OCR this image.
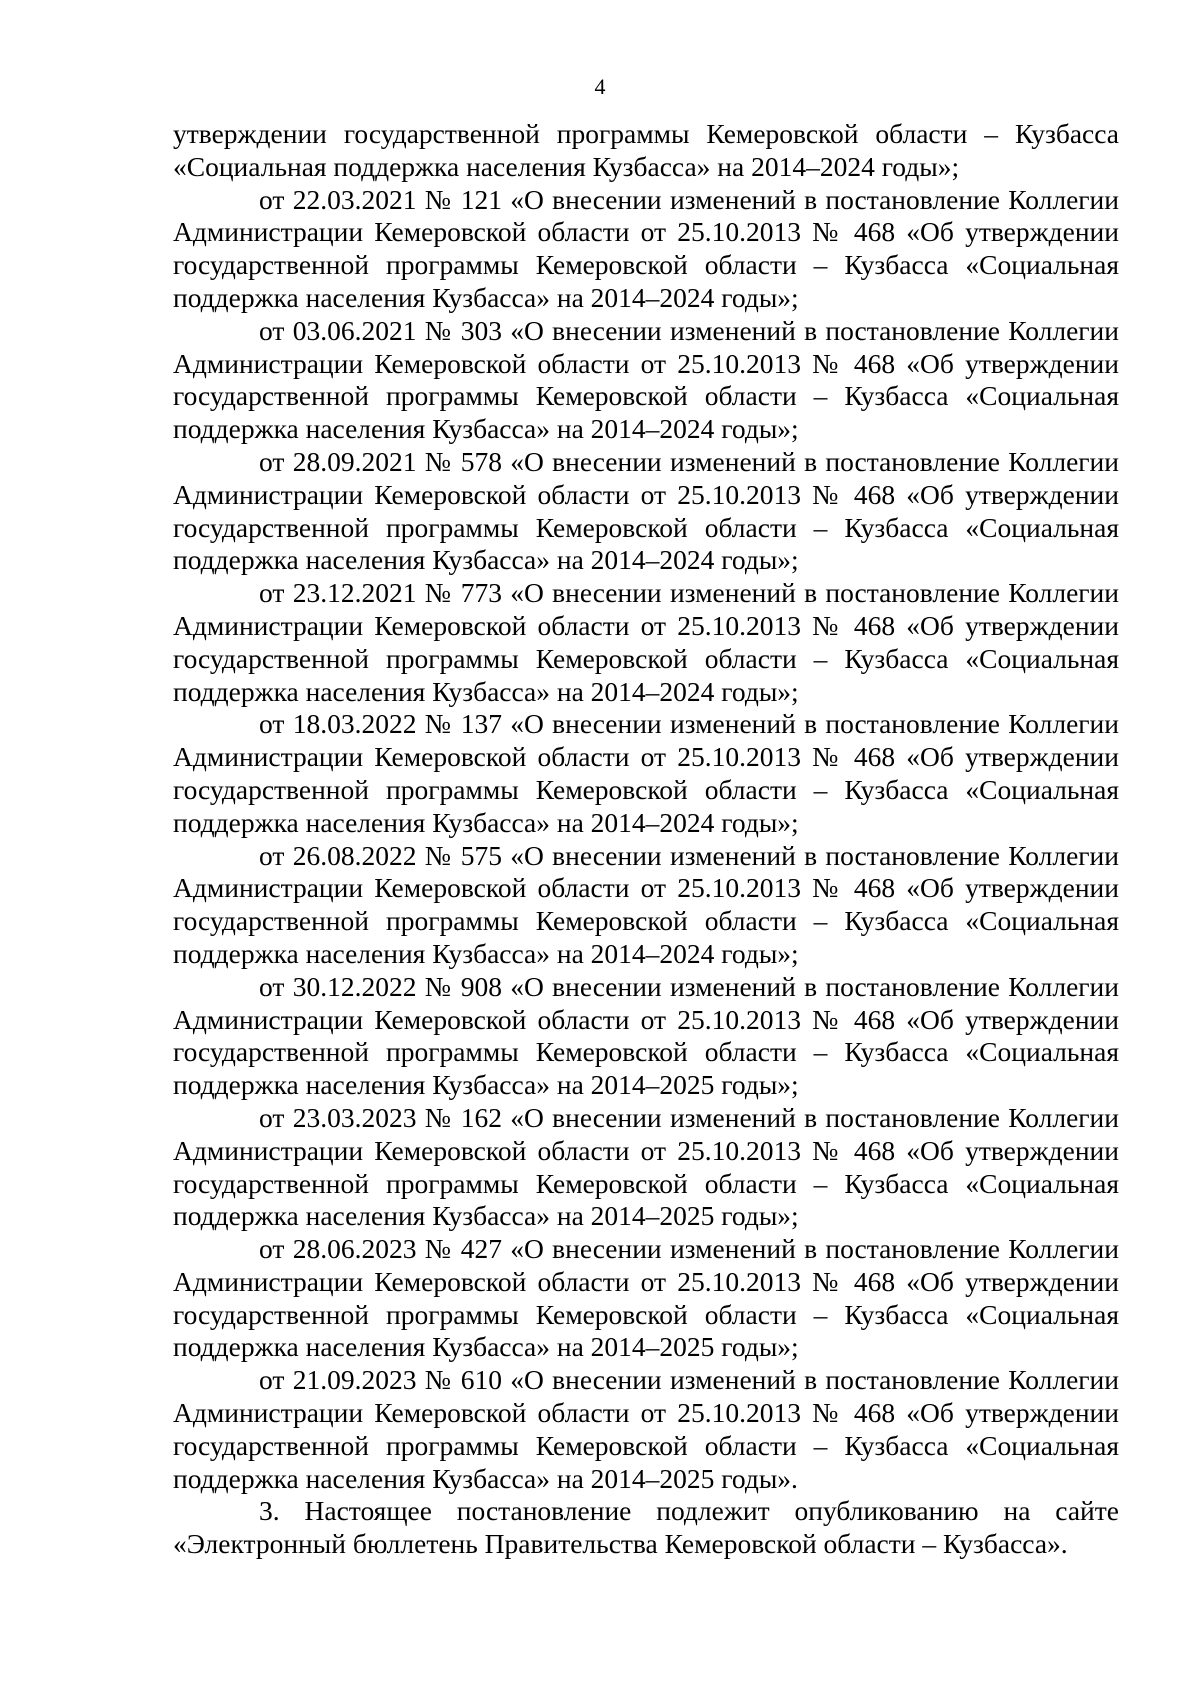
4

утверждении государственной программы Кемеровской области – Кузбасса «Социальная поддержка населения Кузбасса» на 2014–2024 годы»;

от 22.03.2021 № 121 «О внесении изменений в постановление Коллегии Администрации Кемеровской области от 25.10.2013 № 468 «Об утверждении государственной программы Кемеровской области – Кузбасса «Социальная поддержка населения Кузбасса» на 2014–2024 годы»;

от 03.06.2021 № 303 «О внесении изменений в постановление Коллегии Администрации Кемеровской области от 25.10.2013 № 468 «Об утверждении государственной программы Кемеровской области – Кузбасса «Социальная поддержка населения Кузбасса» на 2014–2024 годы»;

от 28.09.2021 № 578 «О внесении изменений в постановление Коллегии Администрации Кемеровской области от 25.10.2013 № 468 «Об утверждении государственной программы Кемеровской области – Кузбасса «Социальная поддержка населения Кузбасса» на 2014–2024 годы»;

от 23.12.2021 № 773 «О внесении изменений в постановление Коллегии Администрации Кемеровской области от 25.10.2013 № 468 «Об утверждении государственной программы Кемеровской области – Кузбасса «Социальная поддержка населения Кузбасса» на 2014–2024 годы»;

от 18.03.2022 № 137 «О внесении изменений в постановление Коллегии Администрации Кемеровской области от 25.10.2013 № 468 «Об утверждении государственной программы Кемеровской области – Кузбасса «Социальная поддержка населения Кузбасса» на 2014–2024 годы»;

от 26.08.2022 № 575 «О внесении изменений в постановление Коллегии Администрации Кемеровской области от 25.10.2013 № 468 «Об утверждении государственной программы Кемеровской области – Кузбасса «Социальная поддержка населения Кузбасса» на 2014–2024 годы»;

от 30.12.2022 № 908 «О внесении изменений в постановление Коллегии Администрации Кемеровской области от 25.10.2013 № 468 «Об утверждении государственной программы Кемеровской области – Кузбасса «Социальная поддержка населения Кузбасса» на 2014–2025 годы»;

от 23.03.2023 № 162 «О внесении изменений в постановление Коллегии Администрации Кемеровской области от 25.10.2013 № 468 «Об утверждении государственной программы Кемеровской области – Кузбасса «Социальная поддержка населения Кузбасса» на 2014–2025 годы»;

от 28.06.2023 № 427 «О внесении изменений в постановление Коллегии Администрации Кемеровской области от 25.10.2013 № 468 «Об утверждении государственной программы Кемеровской области – Кузбасса «Социальная поддержка населения Кузбасса» на 2014–2025 годы»;

от 21.09.2023 № 610 «О внесении изменений в постановление Коллегии Администрации Кемеровской области от 25.10.2013 № 468 «Об утверждении государственной программы Кемеровской области – Кузбасса «Социальная поддержка населения Кузбасса» на 2014–2025 годы».

3. Настоящее постановление подлежит опубликованию на сайте «Электронный бюллетень Правительства Кемеровской области – Кузбасса».
